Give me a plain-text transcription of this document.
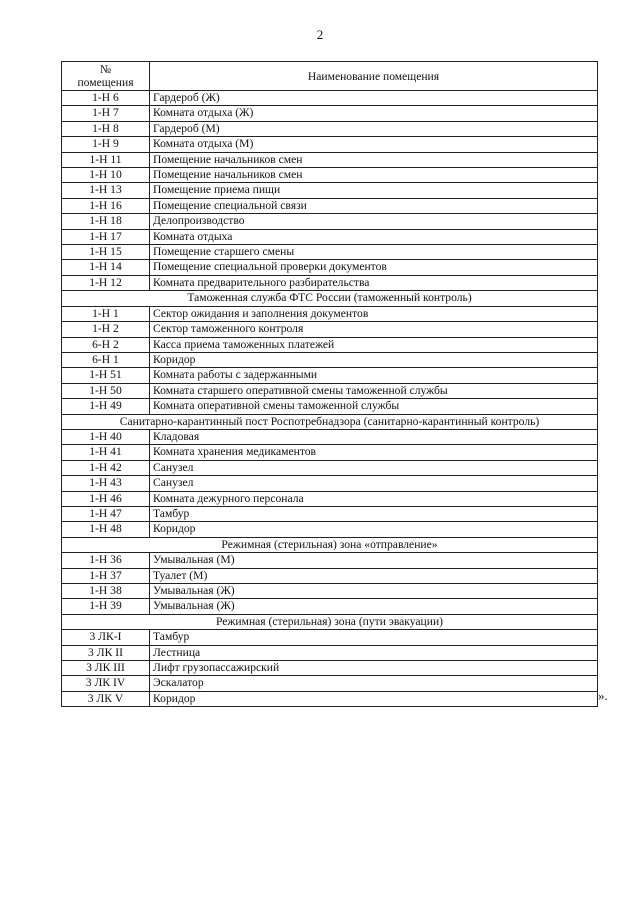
2
№
помещения	Наименование помещения
1-Н 6	Гардероб (Ж)
1-Н 7	Комната отдыха (Ж)
1-Н 8	Гардероб (М)
1-Н 9	Комната отдыха (М)
1-Н 11	Помещение начальников смен
1-Н 10	Помещение начальников смен
1-Н 13	Помещение приема пищи
1-Н 16	Помещение специальной связи
1-Н 18	Делопроизводство
1-Н 17	Комната отдыха
1-Н 15	Помещение старшего смены
1-Н 14	Помещение специальной проверки документов
1-Н 12	Комната предварительного разбирательства
Таможенная служба ФТС России (таможенный контроль)	
1-Н 1	Сектор ожидания и заполнения документов
1-Н 2	Сектор таможенного контроля
6-Н 2	Касса приема таможенных платежей
6-Н 1	Коридор
1-Н 51	Комната работы с задержанными
1-Н 50	Комната старшего оперативной смены таможенной службы
1-Н 49	Комната оперативной смены таможенной службы
Санитарно-карантинный пост Роспотребнадзора (санитарно-карантинный контроль)	
1-Н 40	Кладовая
1-Н 41	Комната хранения медикаментов
1-Н 42	Санузел
1-Н 43	Санузел
1-Н 46	Комната дежурного персонала
1-Н 47	Тамбур
1-Н 48	Коридор
Режимная (стерильная) зона «отправление»	
1-Н 36	Умывальная (М)
1-Н 37	Туалет (М)
1-Н 38	Умывальная (Ж)
1-Н 39	Умывальная (Ж)
Режимная (стерильная) зона (пути эвакуации)	
3 ЛК-I	Тамбур
3 ЛК II	Лестница
3 ЛК III	Лифт грузопассажирский
3 ЛК IV	Эскалатор
3 ЛК V	Коридор	».
